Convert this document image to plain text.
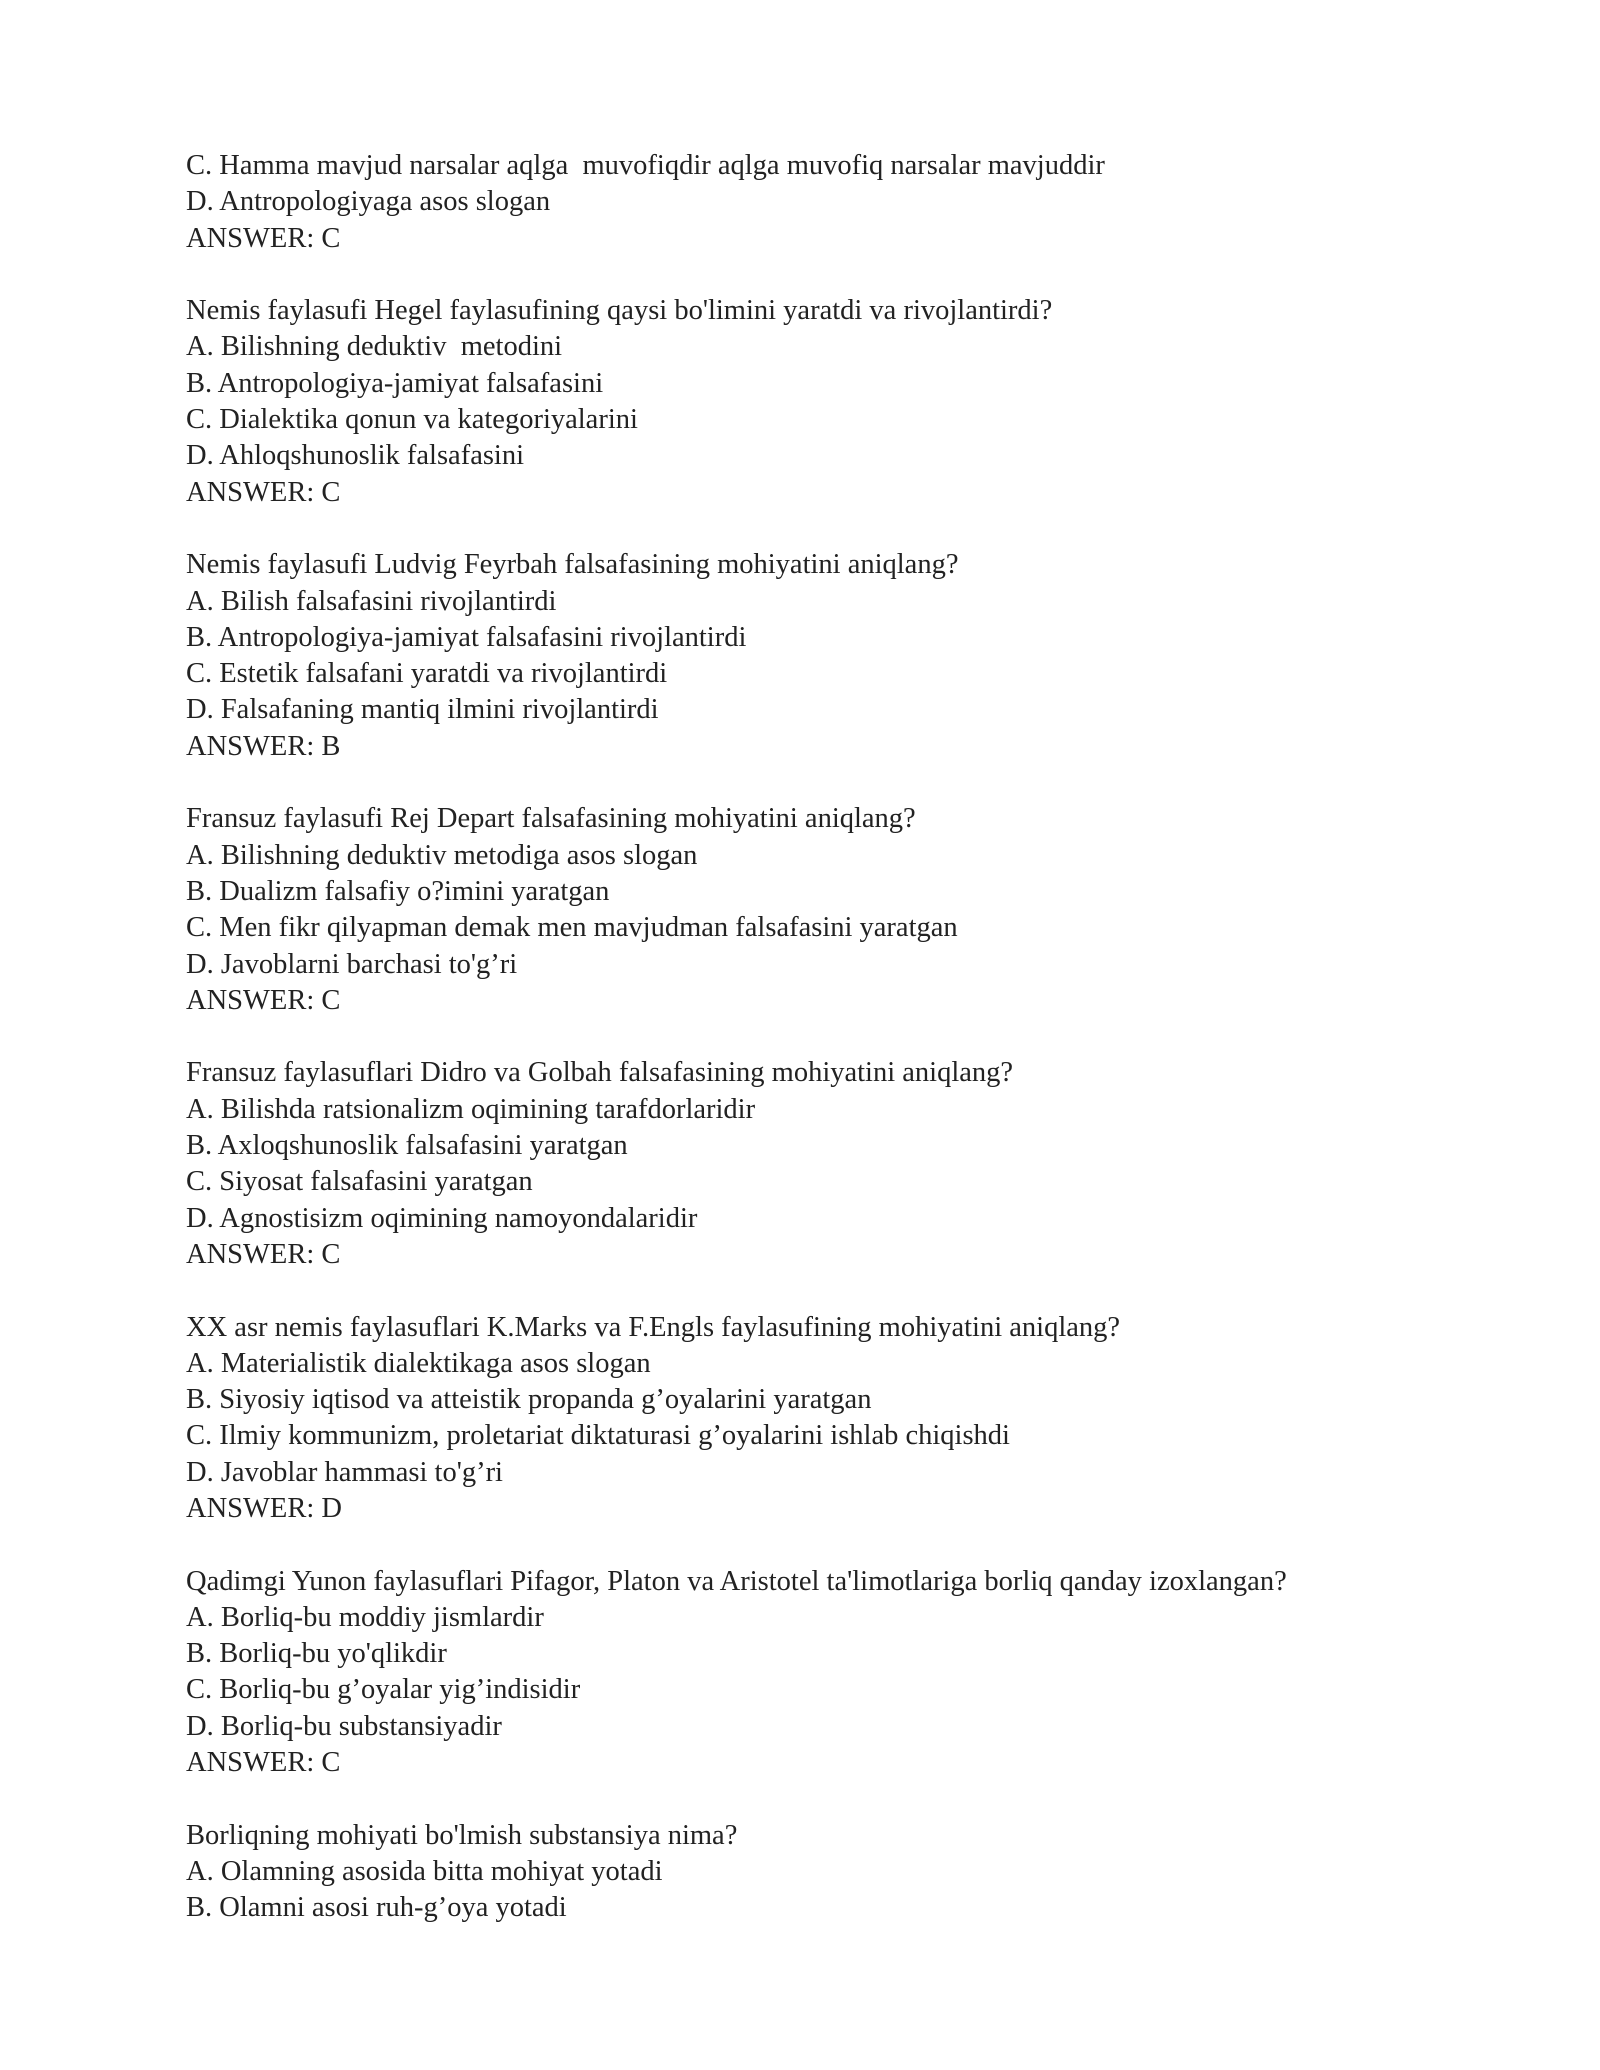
C. Hamma mavjud narsalar aqlga  muvofiqdir aqlga muvofiq narsalar mavjuddir
D. Antropologiyaga asos slogan
ANSWER: C
Nemis faylasufi Hegel faylasufining qaysi bo'limini yaratdi va rivojlantirdi?
A. Bilishning deduktiv  metodini
B. Antropologiya-jamiyat falsafasini
C. Dialektika qonun va kategoriyalarini
D. Ahloqshunoslik falsafasini
ANSWER: C
Nemis faylasufi Ludvig Feyrbah falsafasining mohiyatini aniqlang?
A. Bilish falsafasini rivojlantirdi
B. Antropologiya-jamiyat falsafasini rivojlantirdi
C. Estetik falsafani yaratdi va rivojlantirdi
D. Falsafaning mantiq ilmini rivojlantirdi
ANSWER: B
Fransuz faylasufi Rej Depart falsafasining mohiyatini aniqlang?
A. Bilishning deduktiv metodiga asos slogan
B. Dualizm falsafiy o?imini yaratgan
C. Men fikr qilyapman demak men mavjudman falsafasini yaratgan
D. Javoblarni barchasi to'g’ri
ANSWER: C
Fransuz faylasuflari Didro va Golbah falsafasining mohiyatini aniqlang?
A. Bilishda ratsionalizm oqimining tarafdorlaridir
B. Axloqshunoslik falsafasini yaratgan
C. Siyosat falsafasini yaratgan
D. Agnostisizm oqimining namoyondalaridir
ANSWER: C
XX asr nemis faylasuflari K.Marks va F.Engls faylasufining mohiyatini aniqlang?
A. Materialistik dialektikaga asos slogan
B. Siyosiy iqtisod va atteistik propanda g’oyalarini yaratgan
C. Ilmiy kommunizm, proletariat diktaturasi g’oyalarini ishlab chiqishdi
D. Javoblar hammasi to'g’ri
ANSWER: D
Qadimgi Yunon faylasuflari Pifagor, Platon va Aristotel ta'limotlariga borliq qanday izoxlangan?
A. Borliq-bu moddiy jismlardir
B. Borliq-bu yo'qlikdir
C. Borliq-bu g’oyalar yig’indisidir
D. Borliq-bu substansiyadir
ANSWER: C
Borliqning mohiyati bo'lmish substansiya nima?
A. Olamning asosida bitta mohiyat yotadi
B. Olamni asosi ruh-g’oya yotadi
